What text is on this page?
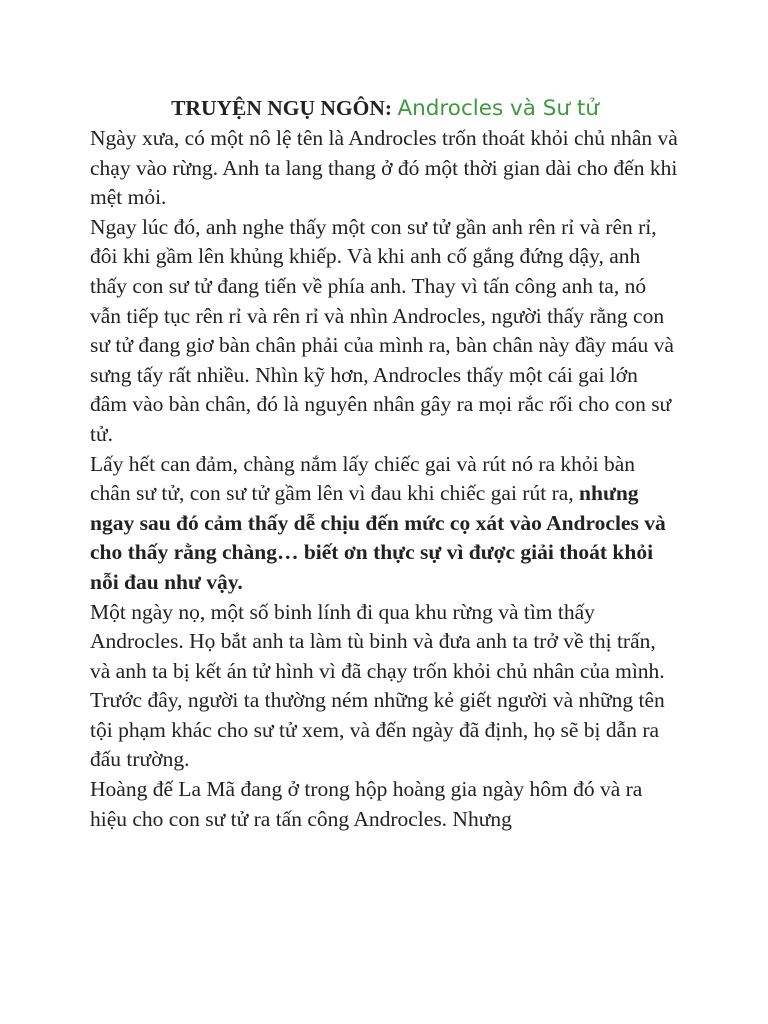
TRUYỆN NGỤ NGÔN: Androcles và Sư tử

Ngày xưa, có một nô lệ tên là Androcles trốn thoát khỏi chủ nhân và chạy vào rừng. Anh ta lang thang ở đó một thời gian dài cho đến khi mệt mỏi.

Ngay lúc đó, anh nghe thấy một con sư tử gần anh rên rỉ và rên rỉ, đôi khi gầm lên khủng khiếp. Và khi anh cố gắng đứng dậy, anh thấy con sư tử đang tiến về phía anh. Thay vì tấn công anh ta, nó vẫn tiếp tục rên rỉ và rên rỉ và nhìn Androcles, người thấy rằng con sư tử đang giơ bàn chân phải của mình ra, bàn chân này đầy máu và sưng tấy rất nhiều. Nhìn kỹ hơn, Androcles thấy một cái gai lớn đâm vào bàn chân, đó là nguyên nhân gây ra mọi rắc rối cho con sư tử.

Lấy hết can đảm, chàng nắm lấy chiếc gai và rút nó ra khỏi bàn chân sư tử, con sư tử gầm lên vì đau khi chiếc gai rút ra, nhưng ngay sau đó cảm thấy dễ chịu đến mức cọ xát vào Androcles và cho thấy rằng chàng… biết ơn thực sự vì được giải thoát khỏi nỗi đau như vậy.

Một ngày nọ, một số binh lính đi qua khu rừng và tìm thấy Androcles. Họ bắt anh ta làm tù binh và đưa anh ta trở về thị trấn, và anh ta bị kết án tử hình vì đã chạy trốn khỏi chủ nhân của mình.

Trước đây, người ta thường ném những kẻ giết người và những tên tội phạm khác cho sư tử xem, và đến ngày đã định, họ sẽ bị dẫn ra đấu trường.

Hoàng đế La Mã đang ở trong hộp hoàng gia ngày hôm đó và ra hiệu cho con sư tử ra tấn công Androcles. Nhưng
